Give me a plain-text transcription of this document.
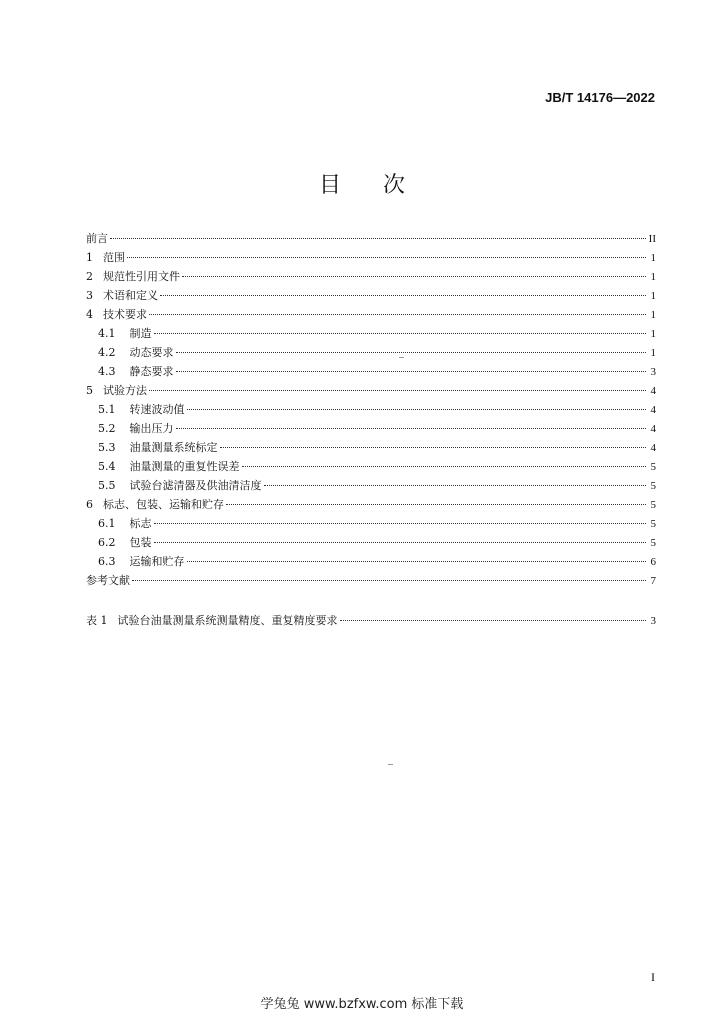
JB/T 14176—2022
目次
前言	II
1 范围	1
2 规范性引用文件	1
3 术语和定义	1
4 技术要求	1
4.1 制造	1
4.2 动态要求	1
4.3 静态要求	3
5 试验方法	4
5.1 转速波动值	4
5.2 输出压力	4
5.3 油量测量系统标定	4
5.4 油量测量的重复性误差	5
5.5 试验台滤清器及供油清洁度	5
6 标志、包装、运输和贮存	5
6.1 标志	5
6.2 包装	5
6.3 运输和贮存	6
参考文献	7
表 1 试验台油量测量系统测量精度、重复精度要求	3
I
学兔兔 www.bzfxw.com 标准下载
